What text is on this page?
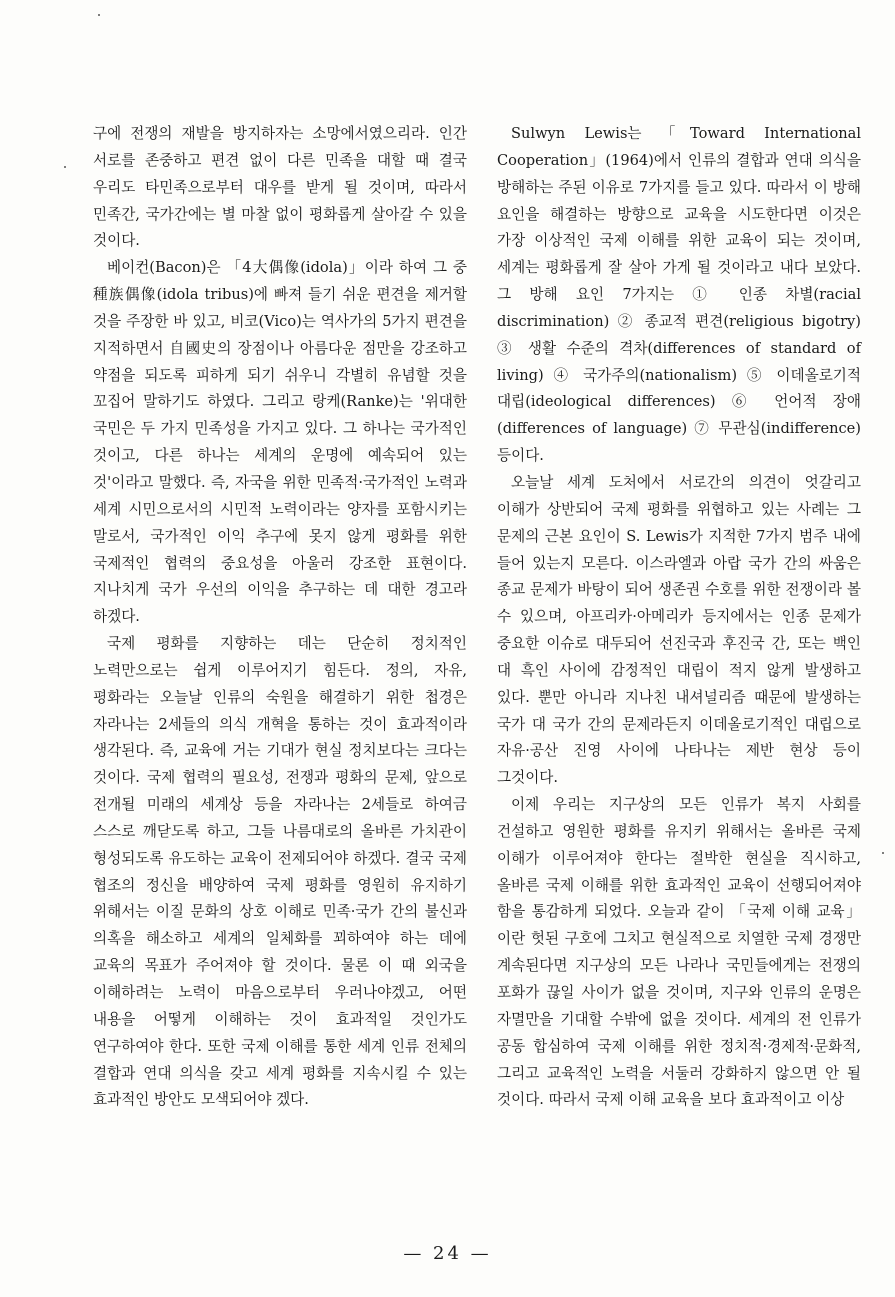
구에 전쟁의 재발을 방지하자는 소망에서였으리라. 인간 서로를 존중하고 편견 없이 다른 민족을 대할 때 결국 우리도 타민족으로부터 대우를 받게 될 것이며, 따라서 민족간, 국가간에는 별 마찰 없이 평화롭게 살아갈 수 있을 것이다.

베이컨(Bacon)은 「4大偶像(idola)」이라 하여 그 중 種族偶像(idola tribus)에 빠져 들기 쉬운 편견을 제거할 것을 주장한 바 있고, 비코(Vico)는 역사가의 5가지 편견을 지적하면서 自國史의 장점이나 아름다운 점만을 강조하고 약점을 되도록 피하게 되기 쉬우니 각별히 유념할 것을 꼬집어 말하기도 하였다. 그리고 랑케(Ranke)는 '위대한 국민은 두 가지 민족성을 가지고 있다. 그 하나는 국가적인 것이고, 다른 하나는 세계의 운명에 예속되어 있는 것'이라고 말했다. 즉, 자국을 위한 민족적·국가적인 노력과 세계 시민으로서의 시민적 노력이라는 양자를 포함시키는 말로서, 국가적인 이익 추구에 못지 않게 평화를 위한 국제적인 협력의 중요성을 아울러 강조한 표현이다. 지나치게 국가 우선의 이익을 추구하는 데 대한 경고라 하겠다.

국제 평화를 지향하는 데는 단순히 정치적인 노력만으로는 쉽게 이루어지기 힘든다. 정의, 자유, 평화라는 오늘날 인류의 숙원을 해결하기 위한 첩경은 자라나는 2세들의 의식 개혁을 통하는 것이 효과적이라 생각된다. 즉, 교육에 거는 기대가 현실 정치보다는 크다는 것이다. 국제 협력의 필요성, 전쟁과 평화의 문제, 앞으로 전개될 미래의 세계상 등을 자라나는 2세들로 하여금 스스로 깨닫도록 하고, 그들 나름대로의 올바른 가치관이 형성되도록 유도하는 교육이 전제되어야 하겠다. 결국 국제 협조의 정신을 배양하여 국제 평화를 영원히 유지하기 위해서는 이질 문화의 상호 이해로 민족·국가 간의 불신과 의혹을 해소하고 세계의 일체화를 꾀하여야 하는 데에 교육의 목표가 주어져야 할 것이다. 물론 이 때 외국을 이해하려는 노력이 마음으로부터 우러나야겠고, 어떤 내용을 어떻게 이해하는 것이 효과적일 것인가도 연구하여야 한다. 또한 국제 이해를 통한 세계 인류 전체의 결합과 연대 의식을 갖고 세계 평화를 지속시킬 수 있는 효과적인 방안도 모색되어야 겠다.

Sulwyn Lewis는 「Toward International Cooperation」(1964)에서 인류의 결합과 연대 의식을 방해하는 주된 이유로 7가지를 들고 있다. 따라서 이 방해 요인을 해결하는 방향으로 교육을 시도한다면 이것은 가장 이상적인 국제 이해를 위한 교육이 되는 것이며, 세계는 평화롭게 잘 살아 가게 될 것이라고 내다 보았다. 그 방해 요인 7가지는 ① 인종 차별(racial discrimination) ② 종교적 편견(religious bigotry) ③ 생활 수준의 격차(differences of standard of living) ④ 국가주의(nationalism) ⑤ 이데올로기적 대립(ideological differences) ⑥ 언어적 장애(differences of language) ⑦ 무관심(indifference) 등이다.

오늘날 세계 도처에서 서로간의 의견이 엇갈리고 이해가 상반되어 국제 평화를 위협하고 있는 사례는 그 문제의 근본 요인이 S. Lewis가 지적한 7가지 범주 내에 들어 있는지 모른다. 이스라엘과 아랍 국가 간의 싸움은 종교 문제가 바탕이 되어 생존권 수호를 위한 전쟁이라 볼 수 있으며, 아프리카·아메리카 등지에서는 인종 문제가 중요한 이슈로 대두되어 선진국과 후진국 간, 또는 백인 대 흑인 사이에 감정적인 대립이 적지 않게 발생하고 있다. 뿐만 아니라 지나친 내셔널리즘 때문에 발생하는 국가 대 국가 간의 문제라든지 이데올로기적인 대립으로 자유·공산 진영 사이에 나타나는 제반 현상 등이 그것이다.

이제 우리는 지구상의 모든 인류가 복지 사회를 건설하고 영원한 평화를 유지키 위해서는 올바른 국제 이해가 이루어져야 한다는 절박한 현실을 직시하고, 올바른 국제 이해를 위한 효과적인 교육이 선행되어져야 함을 통감하게 되었다. 오늘과 같이 「국제 이해 교육」이란 헛된 구호에 그치고 현실적으로 치열한 국제 경쟁만 계속된다면 지구상의 모든 나라나 국민들에게는 전쟁의 포화가 끊일 사이가 없을 것이며, 지구와 인류의 운명은 자멸만을 기대할 수밖에 없을 것이다. 세계의 전 인류가 공동 합심하여 국제 이해를 위한 정치적·경제적·문화적, 그리고 교육적인 노력을 서둘러 강화하지 않으면 안 될 것이다. 따라서 국제 이해 교육을 보다 효과적이고 이상

— 24 —
